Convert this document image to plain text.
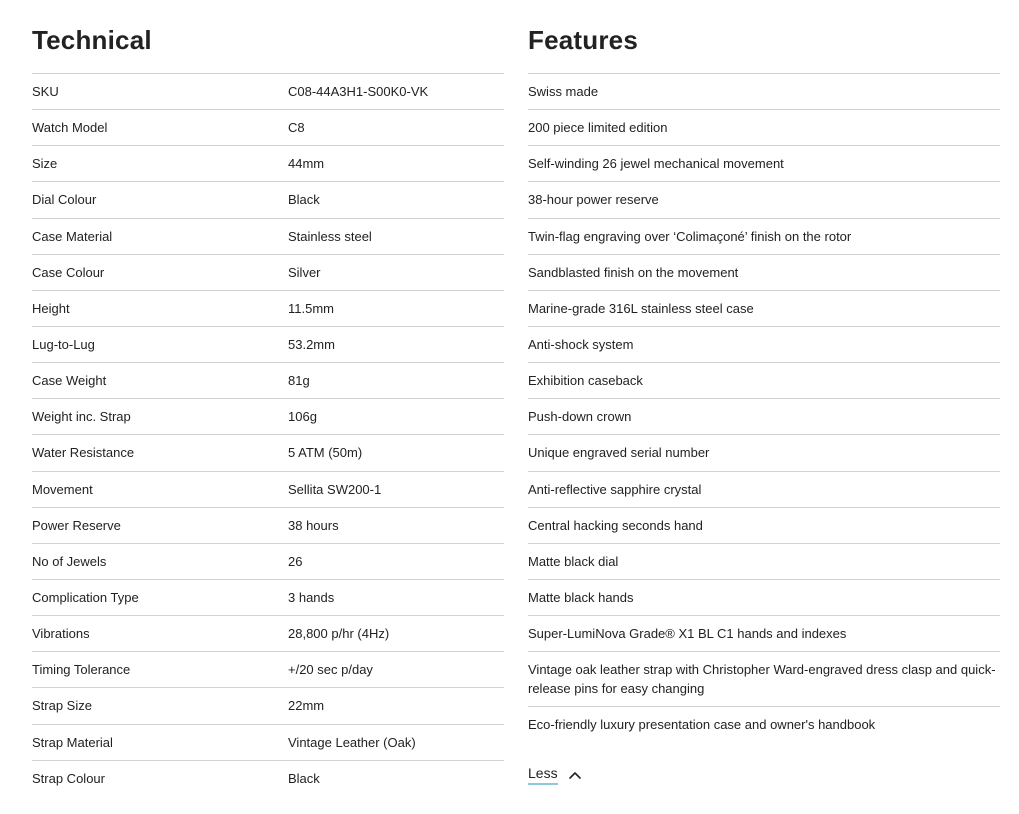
Technical
SKU	C08-44A3H1-S00K0-VK
Watch Model	C8
Size	44mm
Dial Colour	Black
Case Material	Stainless steel
Case Colour	Silver
Height	11.5mm
Lug-to-Lug	53.2mm
Case Weight	81g
Weight inc. Strap	106g
Water Resistance	5 ATM (50m)
Movement	Sellita SW200-1
Power Reserve	38 hours
No of Jewels	26
Complication Type	3 hands
Vibrations	28,800 p/hr (4Hz)
Timing Tolerance	+/20 sec p/day
Strap Size	22mm
Strap Material	Vintage Leather (Oak)
Strap Colour	Black
Features
Swiss made
200 piece limited edition
Self-winding 26 jewel mechanical movement
38-hour power reserve
Twin-flag engraving over ‘Colimaçoné’ finish on the rotor
Sandblasted finish on the movement
Marine-grade 316L stainless steel case
Anti-shock system
Exhibition caseback
Push-down crown
Unique engraved serial number
Anti-reflective sapphire crystal
Central hacking seconds hand
Matte black dial
Matte black hands
Super-LumiNova Grade® X1 BL C1 hands and indexes
Vintage oak leather strap with Christopher Ward-engraved dress clasp and quick-release pins for easy changing
Eco-friendly luxury presentation case and owner's handbook
Less
